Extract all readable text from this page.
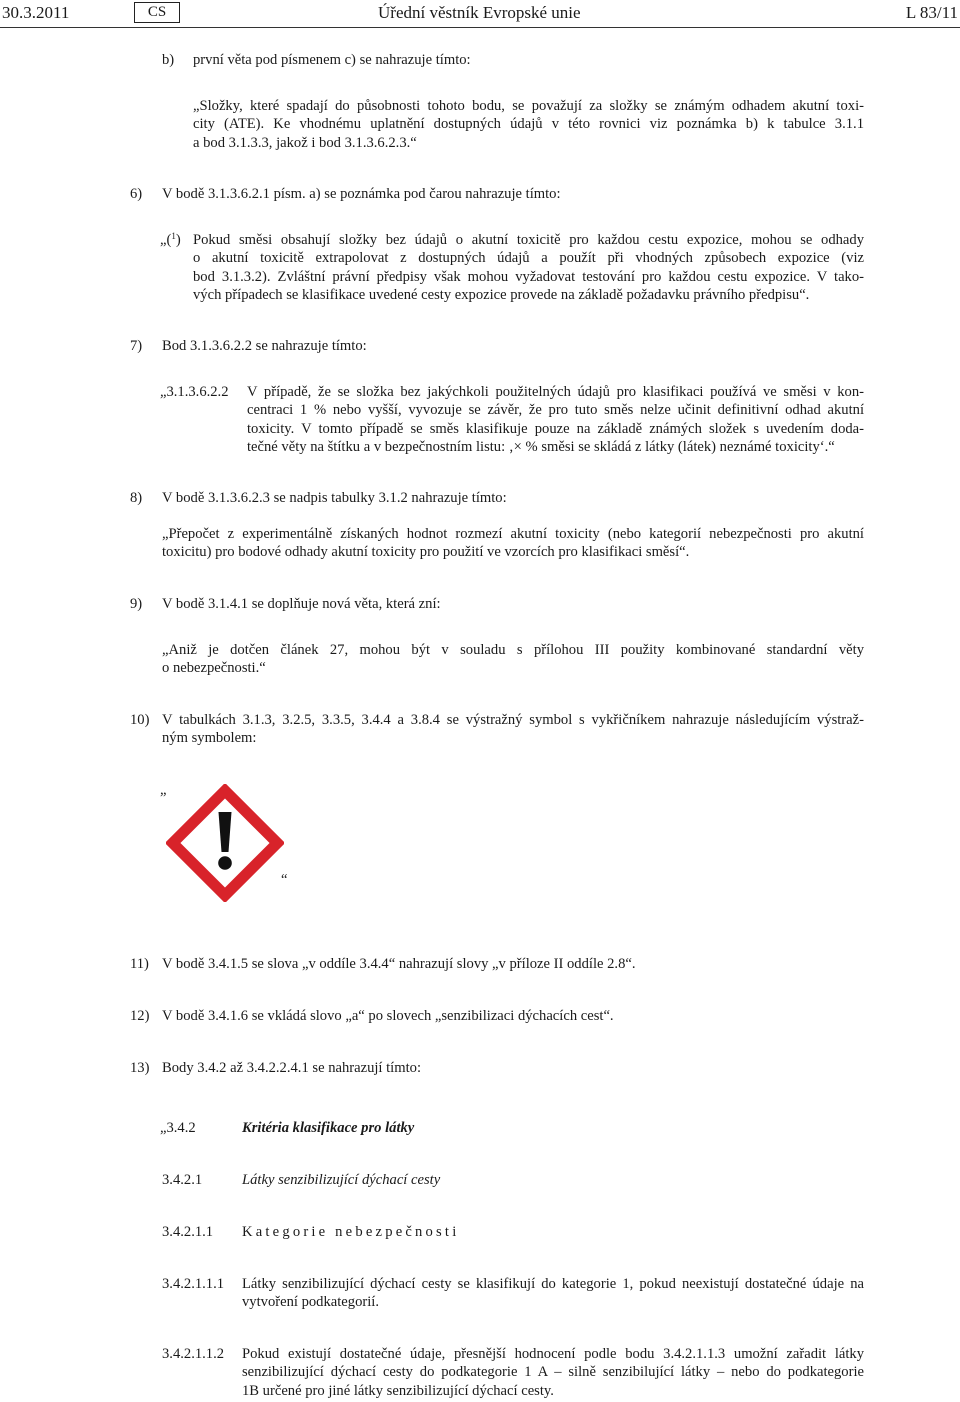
30.3.2011	CS	Úřední věstník Evropské unie	L 83/11
b) první věta pod písmenem c) se nahrazuje tímto:
„Složky, které spadají do působnosti tohoto bodu, se považují za složky se známým odhadem akutní toxi-
city (ATE). Ke vhodnému uplatnění dostupných údajů v této rovnici viz poznámka b) k tabulce 3.1.1
a bod 3.1.3.3, jakož i bod 3.1.3.6.2.3.“
6) V bodě 3.1.3.6.2.1 písm. a) se poznámka pod čarou nahrazuje tímto:
„($^1$) Pokud směsi obsahují složky bez údajů o akutní toxicitě pro každou cestu expozice, mohou se odhady
o akutní toxicitě extrapolovat z dostupných údajů a použít při vhodných způsobech expozice (viz
bod 3.1.3.2). Zvláštní právní předpisy však mohou vyžadovat testování pro každou cestu expozice. V tako-
vých případech se klasifikace uvedené cesty expozice provede na základě požadavku právního předpisu“.
7) Bod 3.1.3.6.2.2 se nahrazuje tímto:
„3.1.3.6.2.2 V případě, že se složka bez jakýchkoli použitelných údajů pro klasifikaci používá ve směsi v kon-
centraci 1 % nebo vyšší, vyvozuje se závěr, že pro tuto směs nelze učinit definitivní odhad akutní
toxicity. V tomto případě se směs klasifikuje pouze na základě známých složek s uvedením doda-
tečné věty na štítku a v bezpečnostním listu: ‚× % směsi se skládá z látky (látek) neznámé toxicity‘.“
8) V bodě 3.1.3.6.2.3 se nadpis tabulky 3.1.2 nahrazuje tímto:
„Přepočet z experimentálně získaných hodnot rozmezí akutní toxicity (nebo kategorií nebezpečnosti pro akutní
toxicitu) pro bodové odhady akutní toxicity pro použití ve vzorcích pro klasifikaci směsí“.
9) V bodě 3.1.4.1 se doplňuje nová věta, která zní:
„Aniž je dotčen článek 27, mohou být v souladu s přílohou III použity kombinované standardní věty
o nebezpečnosti.“
10) V tabulkách 3.1.3, 3.2.5, 3.3.5, 3.4.4 a 3.8.4 se výstražný symbol s vykřičníkem nahrazuje následujícím výstraž-
ným symbolem:
„
“
11) V bodě 3.4.1.5 se slova „v oddíle 3.4.4“ nahrazují slovy „v příloze II oddíle 2.8“.
12) V bodě 3.4.1.6 se vkládá slovo „a“ po slovech „senzibilizaci dýchacích cest“.
13) Body 3.4.2 až 3.4.2.2.4.1 se nahrazují tímto:
„3.4.2	Kritéria klasifikace pro látky
3.4.2.1	Látky senzibilizující dýchací cesty
3.4.2.1.1 Kategorie nebezpečnosti
3.4.2.1.1.1 Látky senzibilizující dýchací cesty se klasifikují do kategorie 1, pokud neexistují dostatečné údaje na
vytvoření podkategorií.
3.4.2.1.1.2 Pokud existují dostatečné údaje, přesnější hodnocení podle bodu 3.4.2.1.1.3 umožní zařadit látky
senzibilizující dýchací cesty do podkategorie 1 A – silně senzibilující látky – nebo do podkategorie
1B určené pro jiné látky senzibilizující dýchací cesty.
